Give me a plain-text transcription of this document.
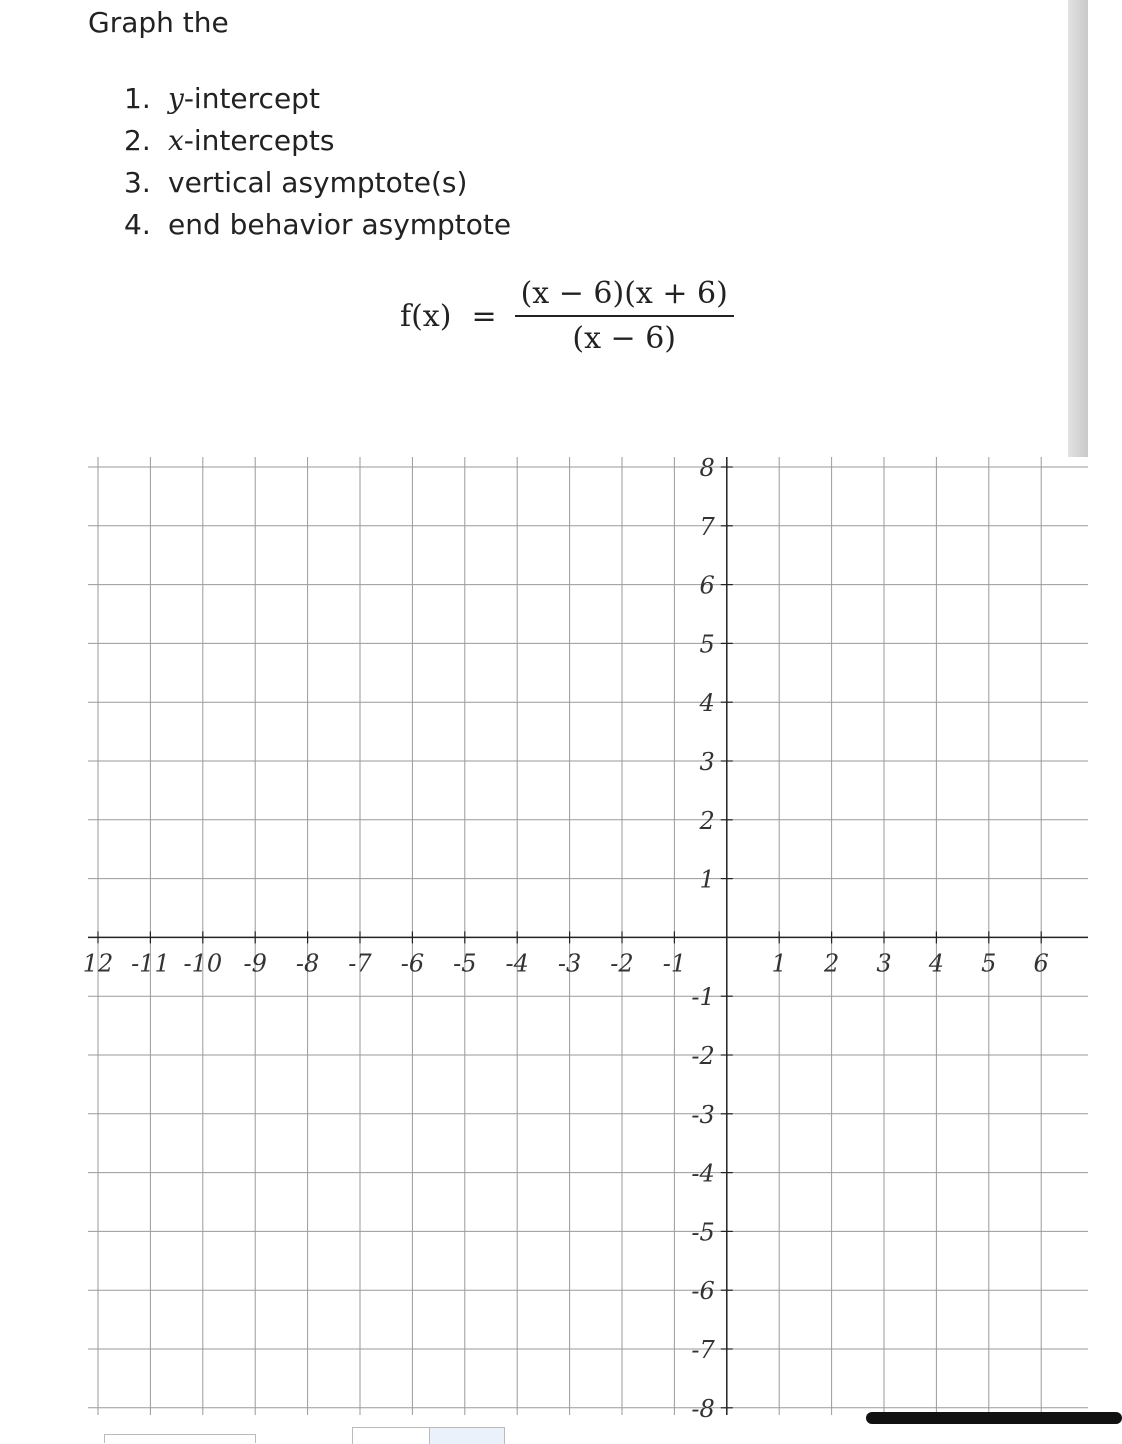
Graph the
1. y -intercept
2. x -intercepts
3. vertical asymptote(s)
4. end behavior asymptote
$f(x) = \frac{(x - 6)(x + 6)}{(x - 6)}$
12 -11 -10 -9 -8 -7 -6 -5 -4 -3 -2 -1	1 2 3 4 5 6
8
7
6
5
4
3
2
1
-1
-2
-3
-4
-5
-6
-7
-8
